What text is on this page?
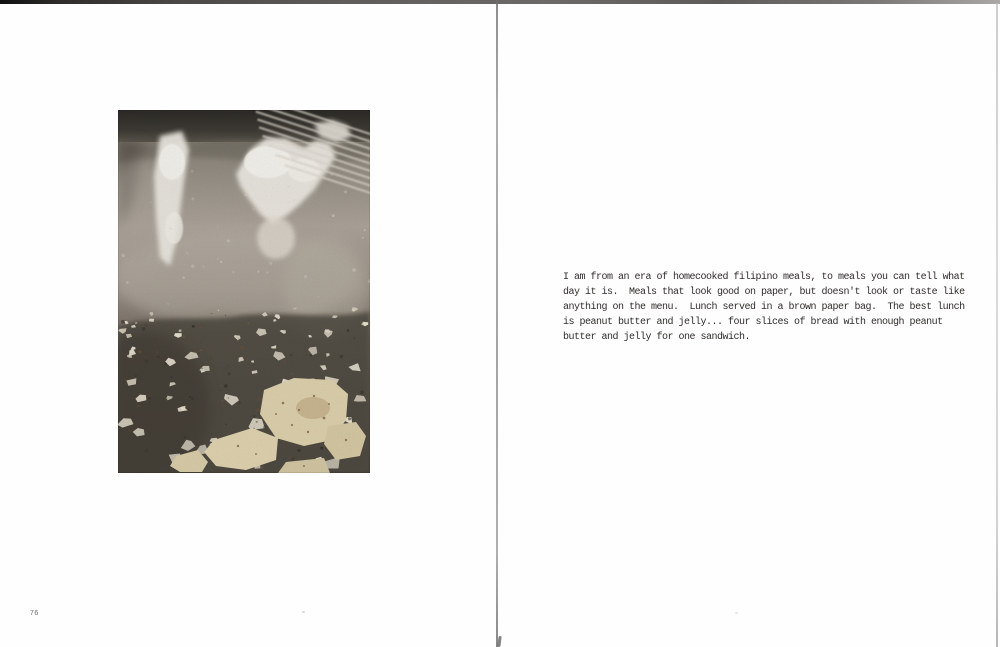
76
I am from an era of homecooked filipino meals, to meals you can tell what
day it is.  Meals that look good on paper, but doesn't look or taste like
anything on the menu.  Lunch served in a brown paper bag.  The best lunch
is peanut butter and jelly... four slices of bread with enough peanut
butter and jelly for one sandwich.
